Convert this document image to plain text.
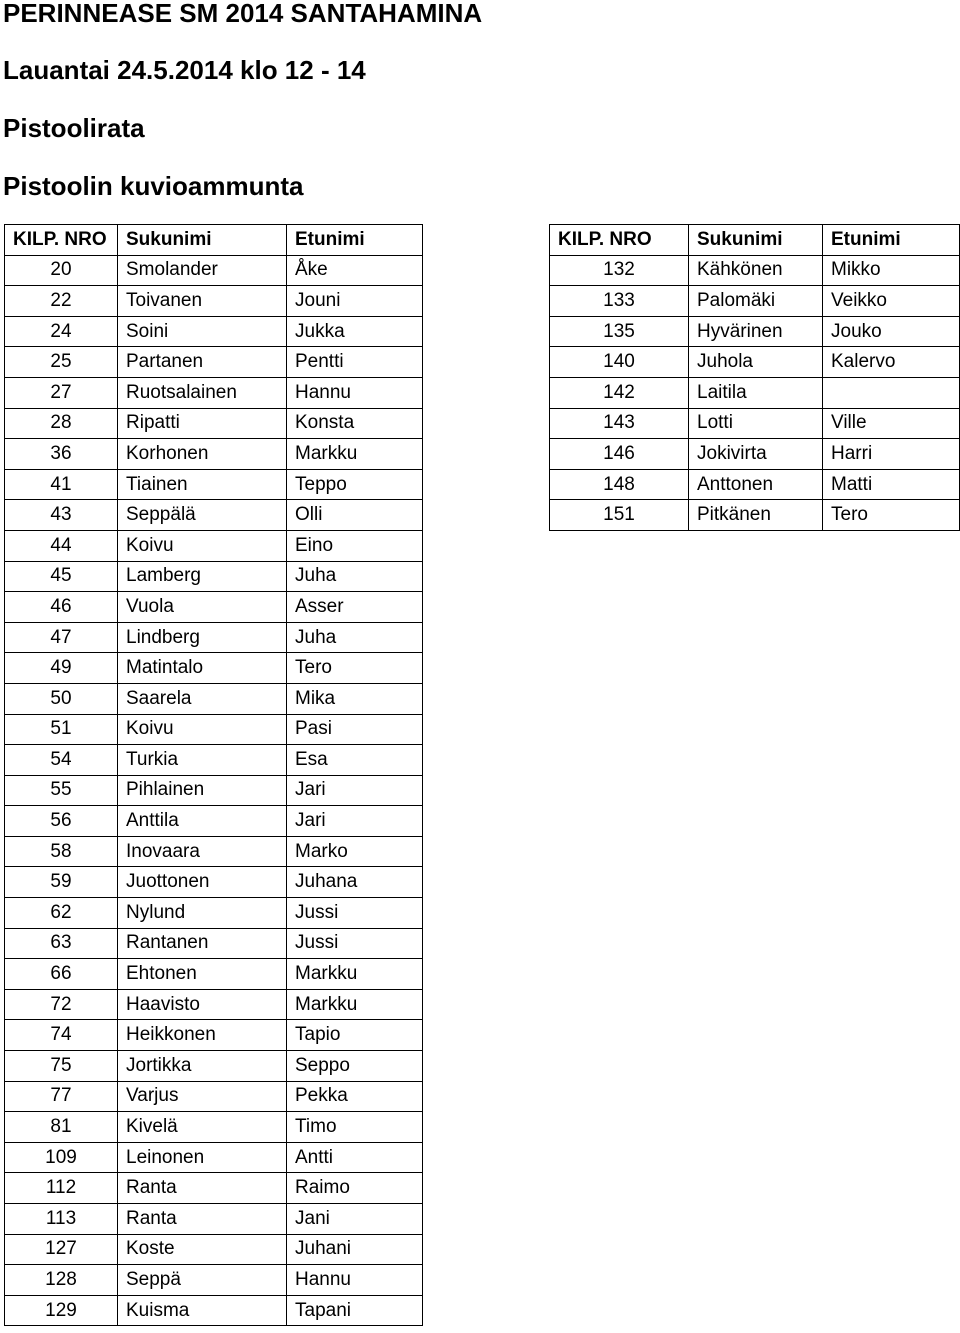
PERINNEASE SM 2014 SANTAHAMINA
Lauantai 24.5.2014 klo 12 - 14
Pistoolirata
Pistoolin kuvioammunta
KILP. NRO	Sukunimi	Etunimi
20	Smolander	Åke
22	Toivanen	Jouni
24	Soini	Jukka
25	Partanen	Pentti
27	Ruotsalainen	Hannu
28	Ripatti	Konsta
36	Korhonen	Markku
41	Tiainen	Teppo
43	Seppälä	Olli
44	Koivu	Eino
45	Lamberg	Juha
46	Vuola	Asser
47	Lindberg	Juha
49	Matintalo	Tero
50	Saarela	Mika
51	Koivu	Pasi
54	Turkia	Esa
55	Pihlainen	Jari
56	Anttila	Jari
58	Inovaara	Marko
59	Juottonen	Juhana
62	Nylund	Jussi
63	Rantanen	Jussi
66	Ehtonen	Markku
72	Haavisto	Markku
74	Heikkonen	Tapio
75	Jortikka	Seppo
77	Varjus	Pekka
81	Kivelä	Timo
109	Leinonen	Antti
112	Ranta	Raimo
113	Ranta	Jani
127	Koste	Juhani
128	Seppä	Hannu
129	Kuisma	Tapani
KILP. NRO	Sukunimi	Etunimi
132	Kähkönen	Mikko
133	Palomäki	Veikko
135	Hyvärinen	Jouko
140	Juhola	Kalervo
142	Laitila	
143	Lotti	Ville
146	Jokivirta	Harri
148	Anttonen	Matti
151	Pitkänen	Tero
